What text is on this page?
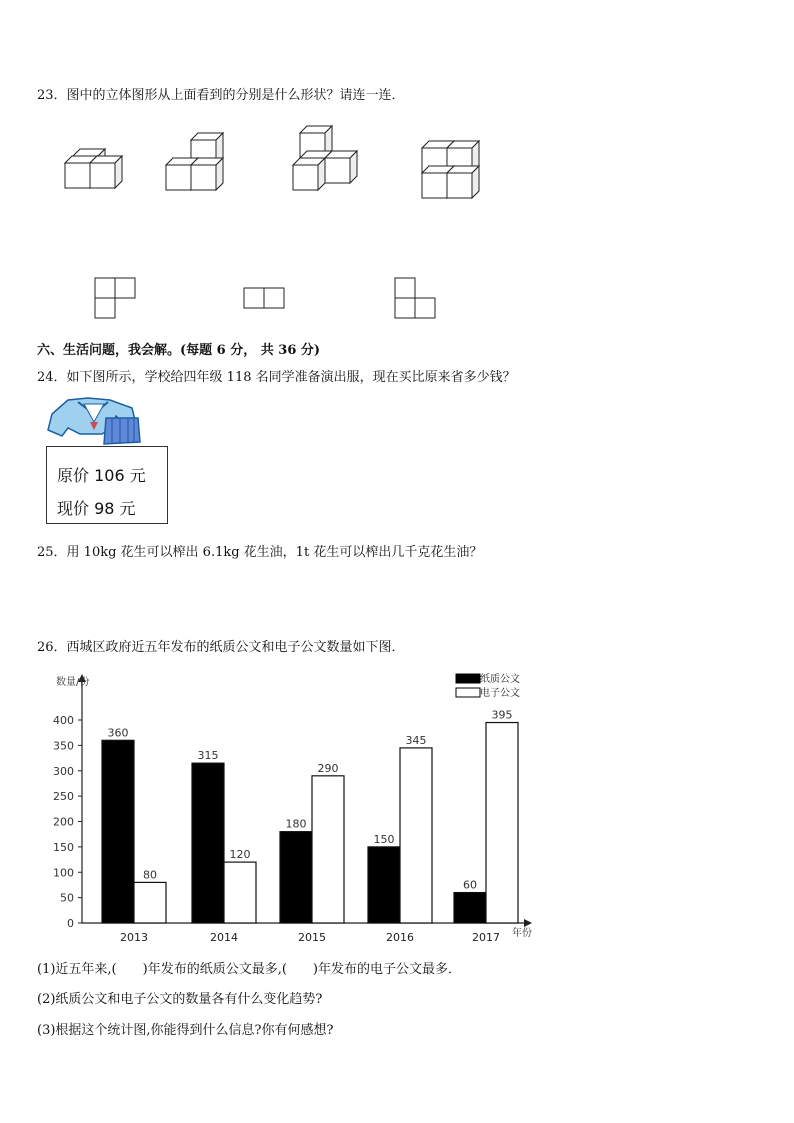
23．图中的立体图形从上面看到的分别是什么形状？请连一连．
六、生活问题，我会解。(每题 6 分， 共 36 分)
24．如下图所示，学校给四年级 118 名同学准备演出服，现在买比原来省多少钱？
原价 106 元
现价 98 元
25．用 10kg 花生可以榨出 6.1kg 花生油，1t 花生可以榨出几千克花生油？
26．西城区政府近五年发布的纸质公文和电子公文数量如下图．
数量/份
年份
0
50
100
150
200
250
300
350
400
360
80
2013
315
120
2014
180
290
2015
150
345
2016
60
395
2017
纸质公文
电子公文
(1)近五年来,(　　)年发布的纸质公文最多,(　　)年发布的电子公文最多．
(2)纸质公文和电子公文的数量各有什么变化趋势?
(3)根据这个统计图,你能得到什么信息?你有何感想?
